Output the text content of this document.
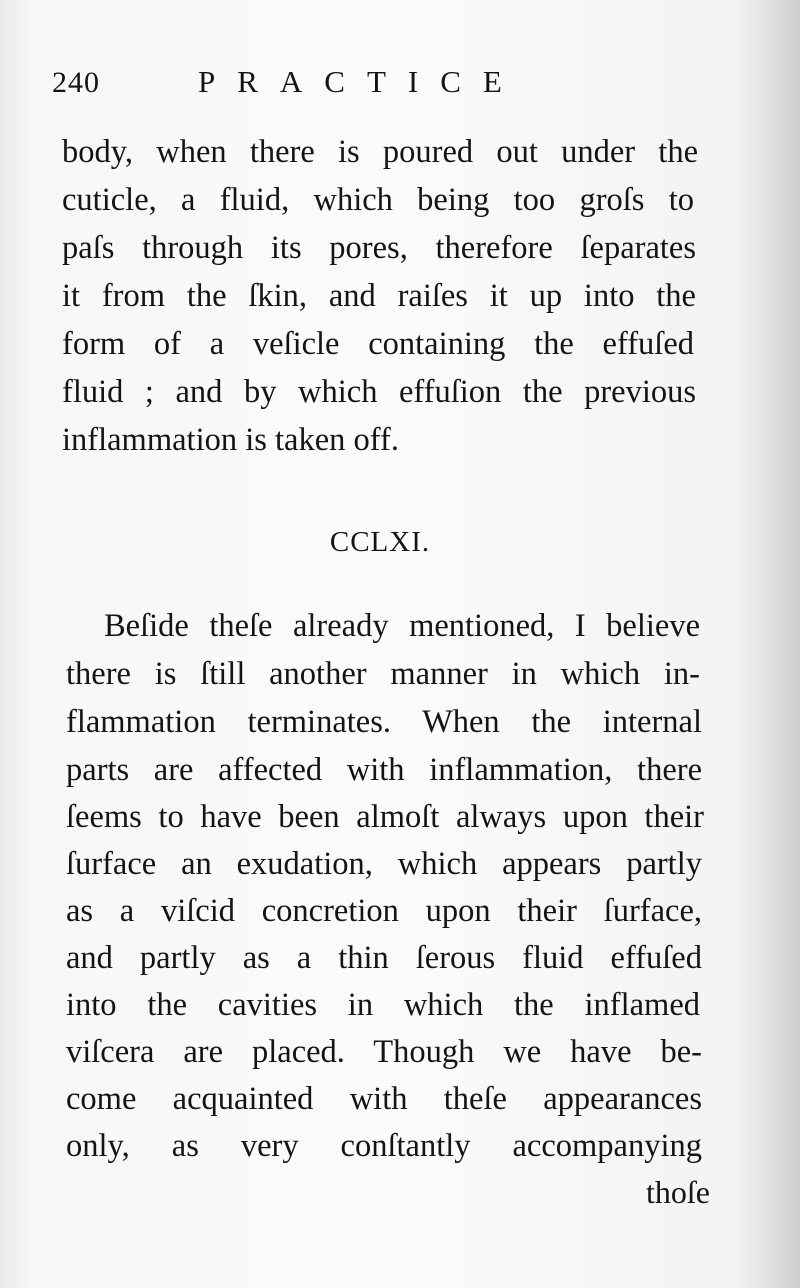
240	PRACTICE
body, when there is poured out under the
cuticle, a fluid, which being too groſs to
paſs through its pores, therefore ſeparates
it from the ſkin, and raiſes it up into the
form of a veſicle containing the effuſed
fluid ; and by which effuſion the previous
inflammation is taken off.
CCLXI.
Beſide theſe already mentioned, I believe
there is ſtill another manner in which in-
flammation terminates. When the internal
parts are affected with inflammation, there
ſeems to have been almoſt always upon their
ſurface an exudation, which appears partly
as a viſcid concretion upon their ſurface,
and partly as a thin ſerous fluid effuſed
into the cavities in which the inflamed
viſcera are placed. Though we have be-
come acquainted with theſe appearances
only, as very conſtantly accompanying
thoſe
